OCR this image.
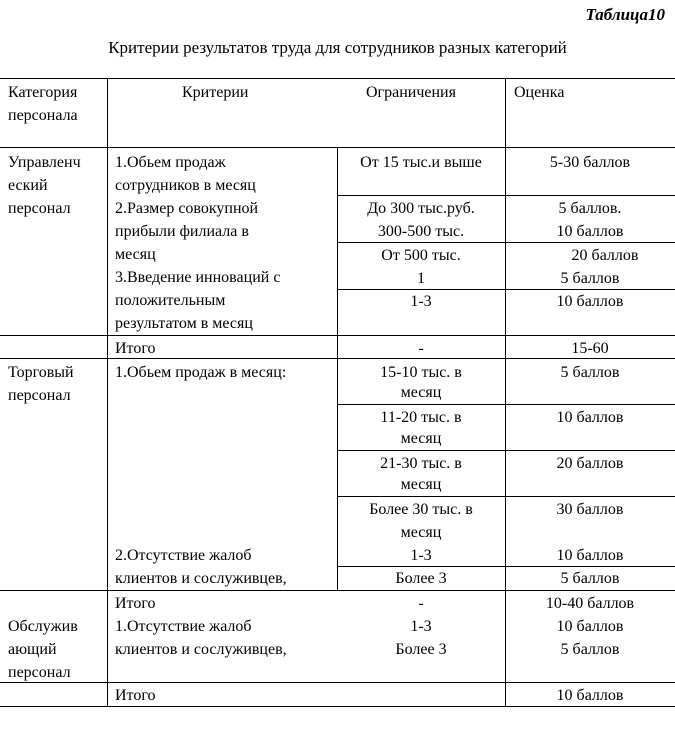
Таблица10
Критерии результатов труда для сотрудников разных категорий
Категория
персонала
Критерии	Ограничения	Оценка
Управленч
еский
персонал
Торговый
персонал
Обслужив
ающий
персонал
1.Обьем продаж
сотрудников в месяц
2.Размер совокупной
прибыли филиала в
месяц
3.Введение инноваций с
положительным
результатом в месяц
Итого
1.Обьем продаж в месяц:
2.Отсутствие жалоб
клиентов и сослуживцев,
Итого
1.Отсутствие жалоб
клиентов и сослуживцев,
Итого
От 15 тыс.и выше
До 300 тыс.руб.
300-500 тыс.
От 500 тыс.
1
1-3
-
15-10 тыс. в
месяц
11-20 тыс. в
месяц
21-30 тыс. в
месяц
Более 30 тыс. в
месяц
1-3
Более 3
-
1-3
Более 3
5-30 баллов
5 баллов.
10 баллов
20 баллов
5 баллов
10 баллов
15-60
5 баллов
10 баллов
20 баллов
30 баллов
10 баллов
5 баллов
10-40 баллов
10 баллов
5 баллов
10 баллов
